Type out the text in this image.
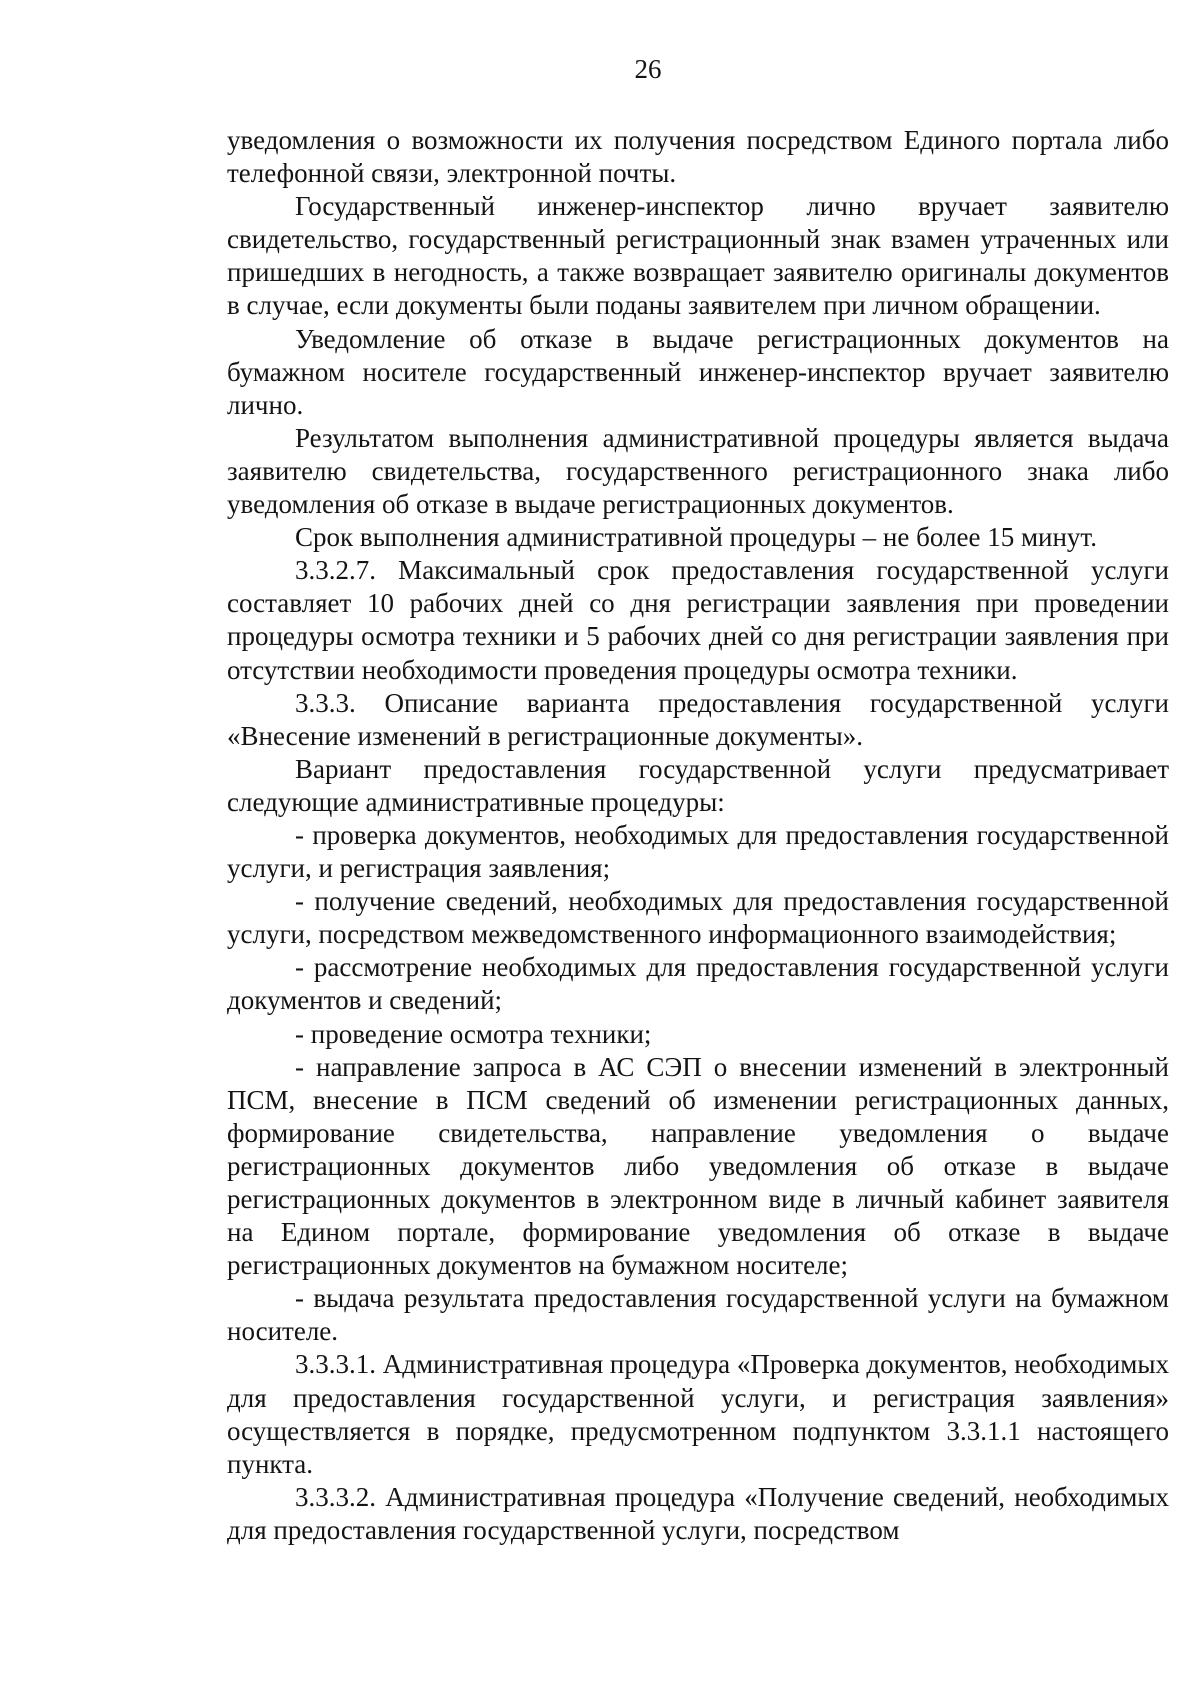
26

уведомления о возможности их получения посредством Единого портала либо телефонной связи, электронной почты.

Государственный инженер-инспектор лично вручает заявителю свидетельство, государственный регистрационный знак взамен утраченных или пришедших в негодность, а также возвращает заявителю оригиналы документов в случае, если документы были поданы заявителем при личном обращении.

Уведомление об отказе в выдаче регистрационных документов на бумажном носителе государственный инженер-инспектор вручает заявителю лично.

Результатом выполнения административной процедуры является выдача заявителю свидетельства, государственного регистрационного знака либо уведомления об отказе в выдаче регистрационных документов.

Срок выполнения административной процедуры – не более 15 минут.

3.3.2.7. Максимальный срок предоставления государственной услуги составляет 10 рабочих дней со дня регистрации заявления при проведении процедуры осмотра техники и 5 рабочих дней со дня регистрации заявления при отсутствии необходимости проведения процедуры осмотра техники.

3.3.3. Описание варианта предоставления государственной услуги «Внесение изменений в регистрационные документы».

Вариант предоставления государственной услуги предусматривает следующие административные процедуры:

- проверка документов, необходимых для предоставления государственной услуги, и регистрация заявления;

- получение сведений, необходимых для предоставления государственной услуги, посредством межведомственного информационного взаимодействия;

- рассмотрение необходимых для предоставления государственной услуги документов и сведений;

- проведение осмотра техники;

- направление запроса в АС СЭП о внесении изменений в электронный ПСМ, внесение в ПСМ сведений об изменении регистрационных данных, формирование свидетельства, направление уведомления о выдаче регистрационных документов либо уведомления об отказе в выдаче регистрационных документов в электронном виде в личный кабинет заявителя на Едином портале, формирование уведомления об отказе в выдаче регистрационных документов на бумажном носителе;

- выдача результата предоставления государственной услуги на бумажном носителе.

3.3.3.1. Административная процедура «Проверка документов, необходимых для предоставления государственной услуги, и регистрация заявления» осуществляется в порядке, предусмотренном подпунктом 3.3.1.1 настоящего пункта.

3.3.3.2. Административная процедура «Получение сведений, необходимых для предоставления государственной услуги, посредством
